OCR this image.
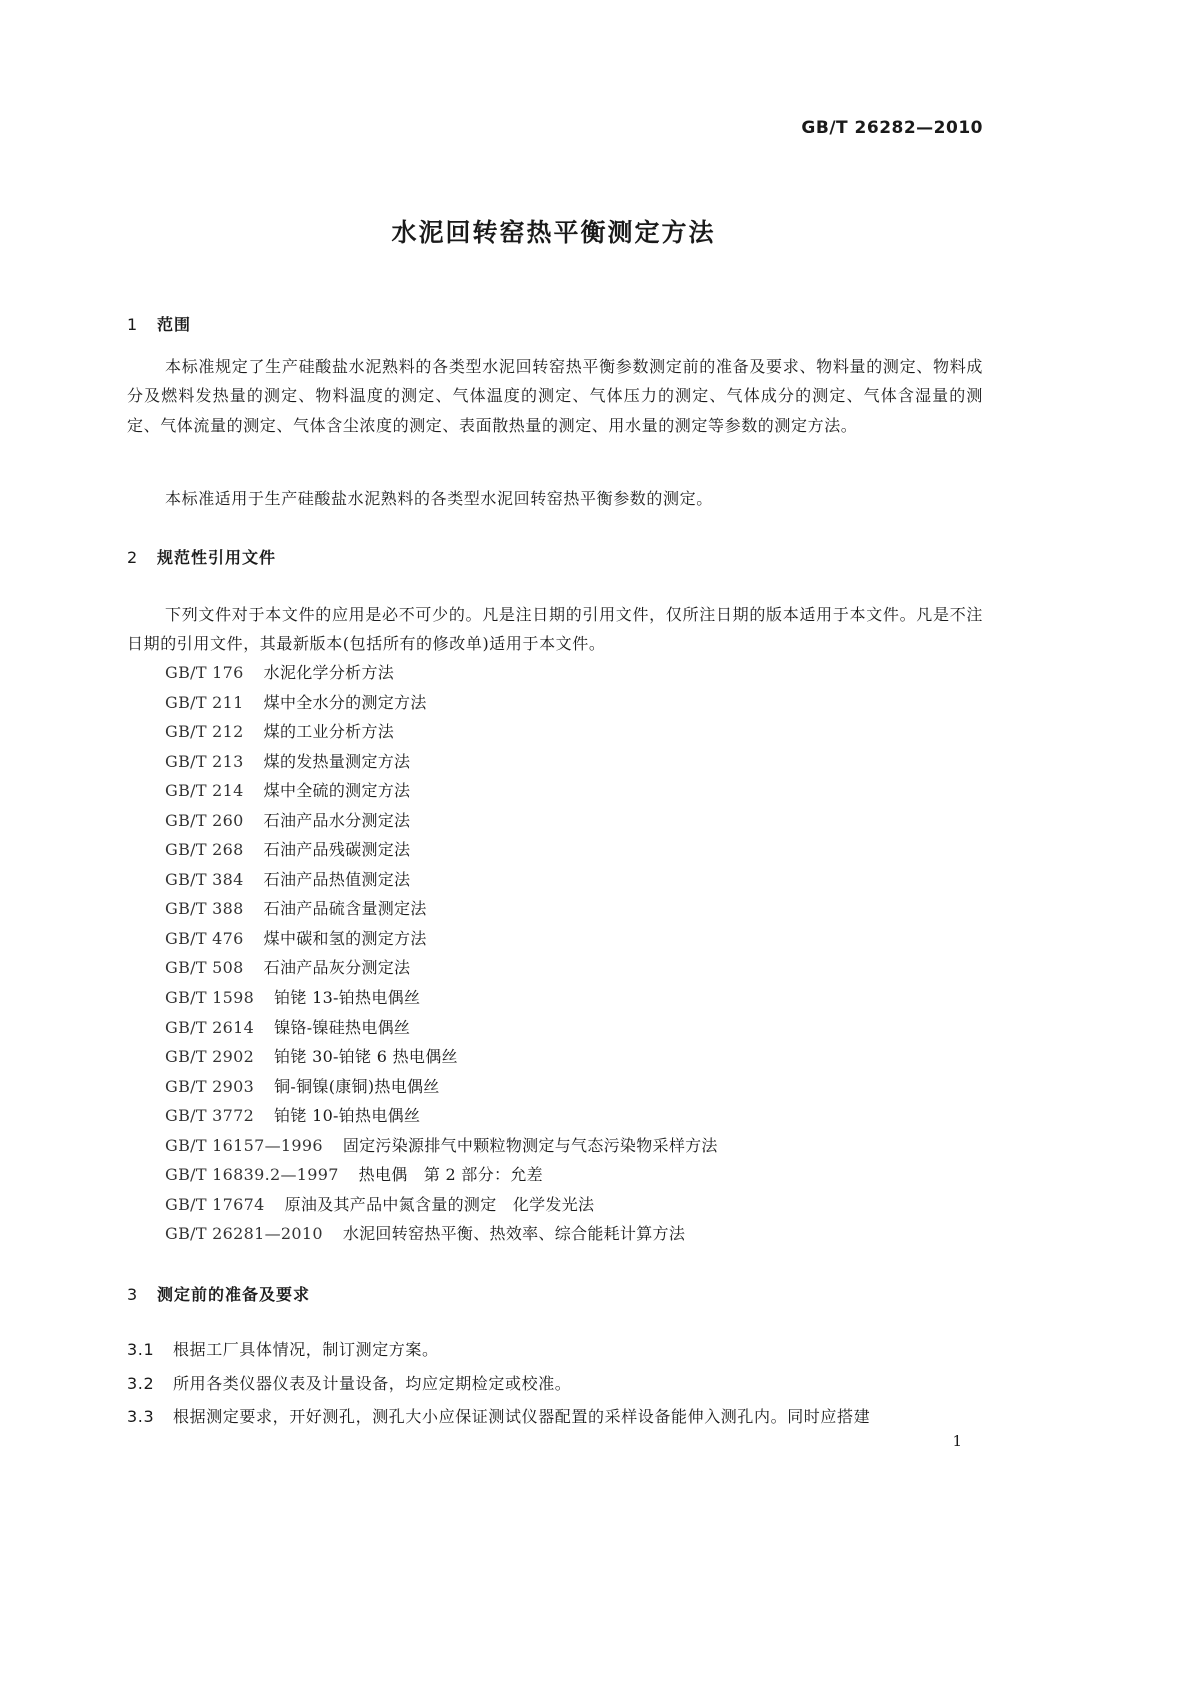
GB/T 26282—2010
水泥回转窑热平衡测定方法
1 范围

本标准规定了生产硅酸盐水泥熟料的各类型水泥回转窑热平衡参数测定前的准备及要求、物料量的测定、物料成分及燃料发热量的测定、物料温度的测定、气体温度的测定、气体压力的测定、气体成分的测定、气体含湿量的测定、气体流量的测定、气体含尘浓度的测定、表面散热量的测定、用水量的测定等参数的测定方法。

本标准适用于生产硅酸盐水泥熟料的各类型水泥回转窑热平衡参数的测定。

2 规范性引用文件

下列文件对于本文件的应用是必不可少的。凡是注日期的引用文件，仅所注日期的版本适用于本文件。凡是不注日期的引用文件，其最新版本(包括所有的修改单)适用于本文件。

GB/T 176 水泥化学分析方法
GB/T 211 煤中全水分的测定方法
GB/T 212 煤的工业分析方法
GB/T 213 煤的发热量测定方法
GB/T 214 煤中全硫的测定方法
GB/T 260 石油产品水分测定法
GB/T 268 石油产品残碳测定法
GB/T 384 石油产品热值测定法
GB/T 388 石油产品硫含量测定法
GB/T 476 煤中碳和氢的测定方法
GB/T 508 石油产品灰分测定法
GB/T 1598 铂铑 13-铂热电偶丝
GB/T 2614 镍铬-镍硅热电偶丝
GB/T 2902 铂铑 30-铂铑 6 热电偶丝
GB/T 2903 铜-铜镍(康铜)热电偶丝
GB/T 3772 铂铑 10-铂热电偶丝
GB/T 16157—1996 固定污染源排气中颗粒物测定与气态污染物采样方法
GB/T 16839.2—1997 热电偶　第 2 部分：允差
GB/T 17674 原油及其产品中氮含量的测定　化学发光法
GB/T 26281—2010 水泥回转窑热平衡、热效率、综合能耗计算方法
3 测定前的准备及要求
3.1 根据工厂具体情况，制订测定方案。
3.2 所用各类仪器仪表及计量设备，均应定期检定或校准。
3.3 根据测定要求，开好测孔，测孔大小应保证测试仪器配置的采样设备能伸入测孔内。同时应搭建
1
